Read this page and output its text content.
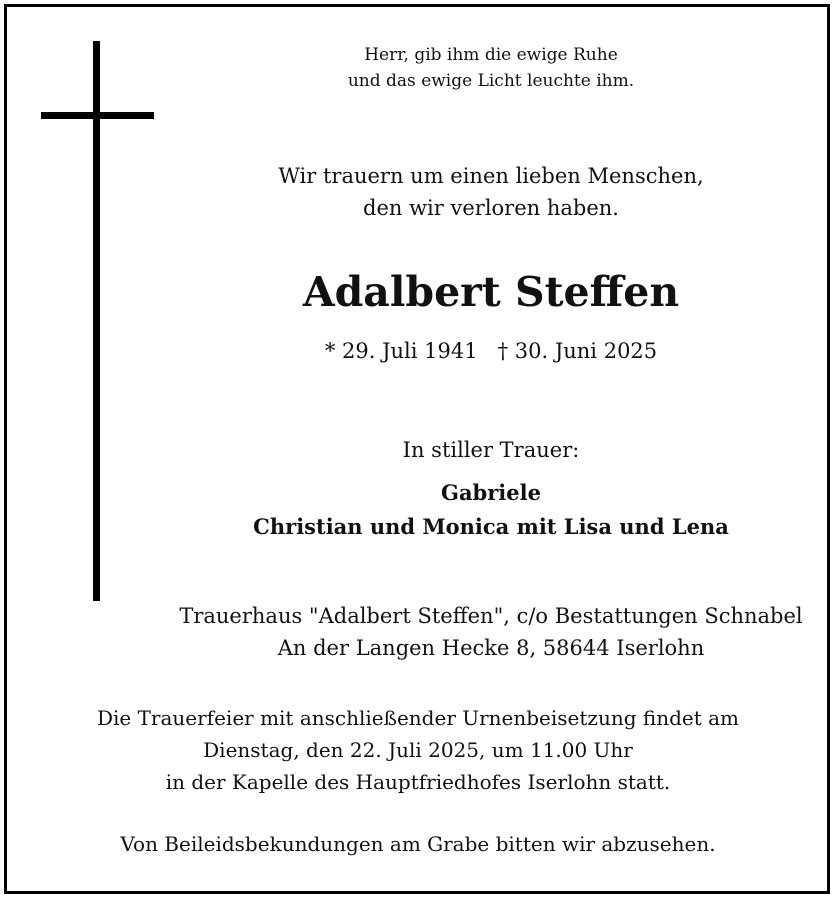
Herr, gib ihm die ewige Ruhe
und das ewige Licht leuchte ihm.
Wir trauern um einen lieben Menschen,
den wir verloren haben.
Adalbert Steffen
* 29. Juli 1941   † 30. Juni 2025
In stiller Trauer:
Gabriele
Christian und Monica mit Lisa und Lena
Trauerhaus "Adalbert Steffen", c/o Bestattungen Schnabel
An der Langen Hecke 8, 58644 Iserlohn
Die Trauerfeier mit anschließender Urnenbeisetzung findet am
Dienstag, den 22. Juli 2025, um 11.00 Uhr
in der Kapelle des Hauptfriedhofes Iserlohn statt.
Von Beileidsbekundungen am Grabe bitten wir abzusehen.
